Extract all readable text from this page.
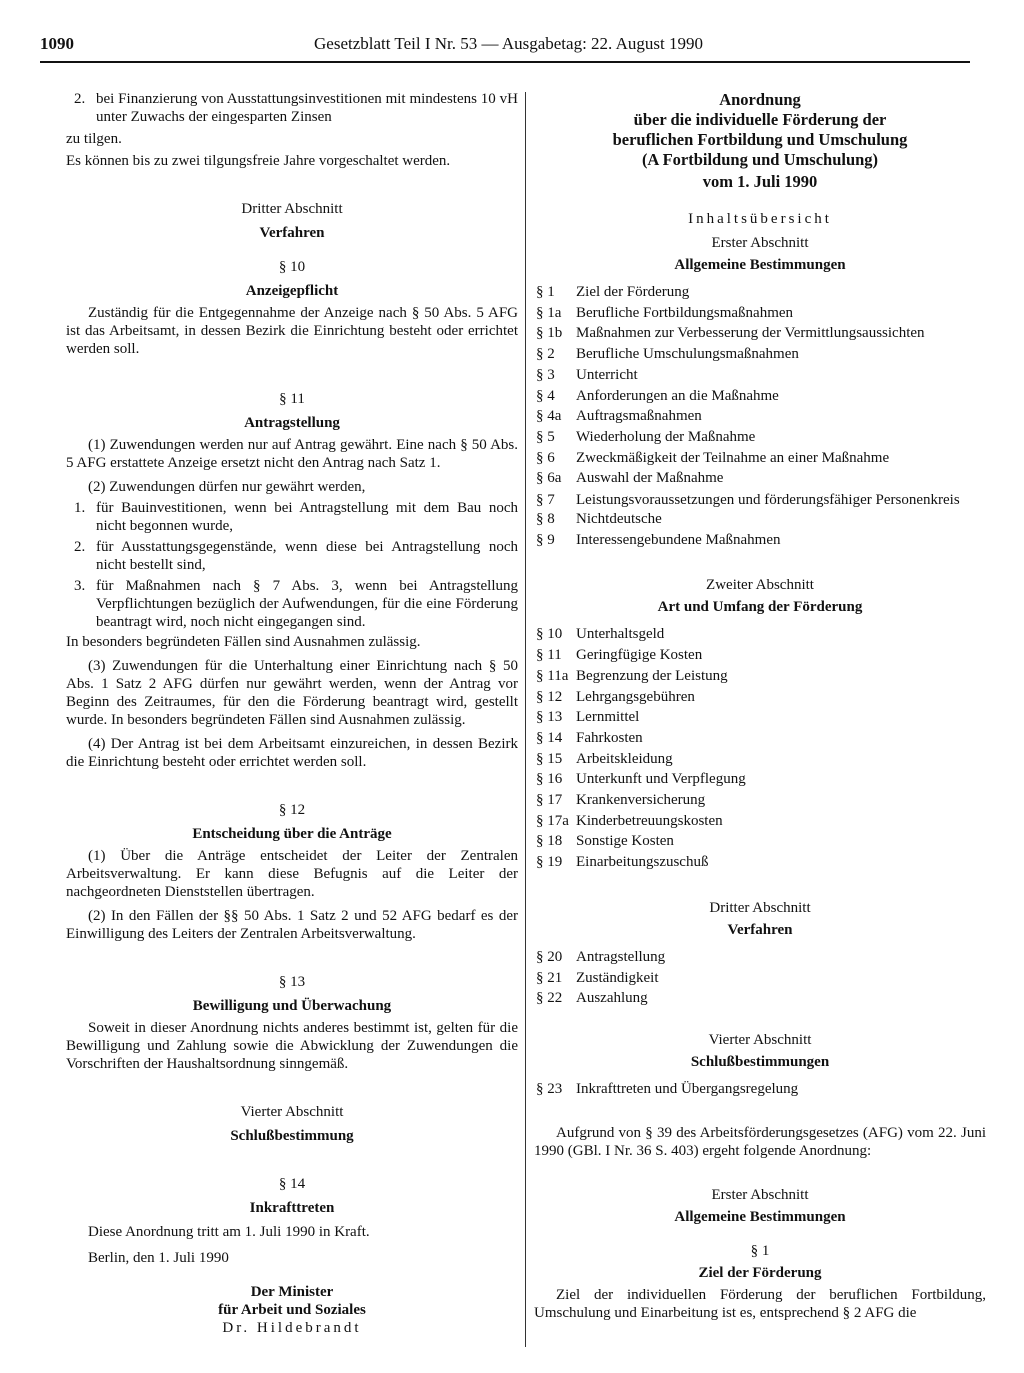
1090	Gesetzblatt Teil I Nr. 53 — Ausgabetag: 22. August 1990
2. bei Finanzierung von Ausstattungsinvestitionen mit mindestens 10 vH unter Zuwachs der eingesparten Zinsen

zu tilgen.

Es können bis zu zwei tilgungsfreie Jahre vorgeschaltet werden.

Dritter Abschnitt

Verfahren

§ 10

Anzeigepflicht

Zuständig für die Entgegennahme der Anzeige nach § 50 Abs. 5 AFG ist das Arbeitsamt, in dessen Bezirk die Einrichtung besteht oder errichtet werden soll.

§ 11

Antragstellung

(1) Zuwendungen werden nur auf Antrag gewährt. Eine nach § 50 Abs. 5 AFG erstattete Anzeige ersetzt nicht den Antrag nach Satz 1.

(2) Zuwendungen dürfen nur gewährt werden,

1. für Bauinvestitionen, wenn bei Antragstellung mit dem Bau noch nicht begonnen wurde,
2. für Ausstattungsgegenstände, wenn diese bei Antragstellung noch nicht bestellt sind,
3. für Maßnahmen nach § 7 Abs. 3, wenn bei Antragstellung Verpflichtungen bezüglich der Aufwendungen, für die eine Förderung beantragt wird, noch nicht eingegangen sind.

In besonders begründeten Fällen sind Ausnahmen zulässig.

(3) Zuwendungen für die Unterhaltung einer Einrichtung nach § 50 Abs. 1 Satz 2 AFG dürfen nur gewährt werden, wenn der Antrag vor Beginn des Zeitraumes, für den die Förderung beantragt wird, gestellt wurde. In besonders begründeten Fällen sind Ausnahmen zulässig.

(4) Der Antrag ist bei dem Arbeitsamt einzureichen, in dessen Bezirk die Einrichtung besteht oder errichtet werden soll.

§ 12

Entscheidung über die Anträge

(1) Über die Anträge entscheidet der Leiter der Zentralen Arbeitsverwaltung. Er kann diese Befugnis auf die Leiter der nachgeordneten Dienststellen übertragen.

(2) In den Fällen der §§ 50 Abs. 1 Satz 2 und 52 AFG bedarf es der Einwilligung des Leiters der Zentralen Arbeitsverwaltung.

§ 13

Bewilligung und Überwachung

Soweit in dieser Anordnung nichts anderes bestimmt ist, gelten für die Bewilligung und Zahlung sowie die Abwicklung der Zuwendungen die Vorschriften der Haushaltsordnung sinngemäß.

Vierter Abschnitt

Schlußbestimmung

§ 14

Inkrafttreten

Diese Anordnung tritt am 1. Juli 1990 in Kraft.

Berlin, den 1. Juli 1990

Der Minister

für Arbeit und Soziales

Dr. Hildebrandt

Anordnung

über die individuelle Förderung der

beruflichen Fortbildung und Umschulung

(A Fortbildung und Umschulung)

vom 1. Juli 1990

Inhaltsübersicht

Erster Abschnitt

Allgemeine Bestimmungen

§ 1	Ziel der Förderung
§ 1a Berufliche Fortbildungsmaßnahmen
§ 1b Maßnahmen zur Verbesserung der Vermittlungsaussichten
§ 2	Berufliche Umschulungsmaßnahmen
§ 3	Unterricht
§ 4	Anforderungen an die Maßnahme
§ 4a Auftragsmaßnahmen
§ 5	Wiederholung der Maßnahme
§ 6	Zweckmäßigkeit der Teilnahme an einer Maßnahme
§ 6a Auswahl der Maßnahme
§ 7	Leistungsvoraussetzungen und förderungsfähiger Personenkreis
§ 8	Nichtdeutsche
§ 9	Interessengebundene Maßnahmen

Zweiter Abschnitt

Art und Umfang der Förderung

§ 10 Unterhaltsgeld
§ 11 Geringfügige Kosten
§ 11a Begrenzung der Leistung
§ 12 Lehrgangsgebühren
§ 13 Lernmittel
§ 14 Fahrkosten
§ 15 Arbeitskleidung
§ 16 Unterkunft und Verpflegung
§ 17 Krankenversicherung
§ 17a Kinderbetreuungskosten
§ 18 Sonstige Kosten
§ 19 Einarbeitungszuschuß

Dritter Abschnitt

Verfahren

§ 20 Antragstellung
§ 21 Zuständigkeit
§ 22 Auszahlung

Vierter Abschnitt

Schlußbestimmungen

§ 23 Inkrafttreten und Übergangsregelung

Aufgrund von § 39 des Arbeitsförderungsgesetzes (AFG) vom 22. Juni 1990 (GBl. I Nr. 36 S. 403) ergeht folgende Anordnung:

Erster Abschnitt

Allgemeine Bestimmungen

§ 1

Ziel der Förderung

Ziel der individuellen Förderung der beruflichen Fortbildung, Umschulung und Einarbeitung ist es, entsprechend § 2 AFG die
